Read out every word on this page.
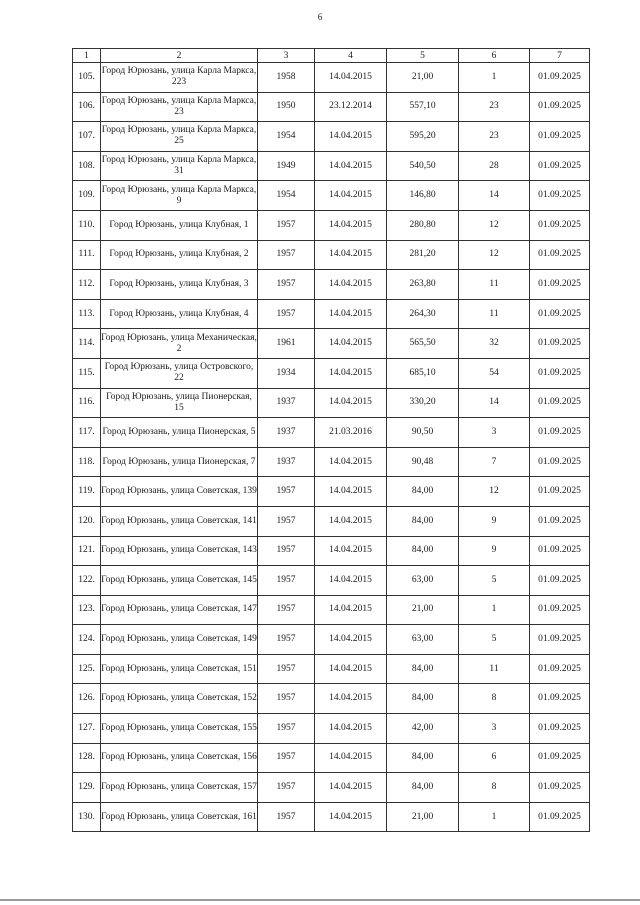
6
1	2	3	4	5	6	7
105.	Город Юрюзань, улица Карла Маркса, 223	1958	14.04.2015	21,00	1	01.09.2025
106.	Город Юрюзань, улица Карла Маркса, 23	1950	23.12.2014	557,10	23	01.09.2025
107.	Город Юрюзань, улица Карла Маркса, 25	1954	14.04.2015	595,20	23	01.09.2025
108.	Город Юрюзань, улица Карла Маркса, 31	1949	14.04.2015	540,50	28	01.09.2025
109.	Город Юрюзань, улица Карла Маркса, 9	1954	14.04.2015	146,80	14	01.09.2025
110.	Город Юрюзань, улица Клубная, 1	1957	14.04.2015	280,80	12	01.09.2025
111.	Город Юрюзань, улица Клубная, 2	1957	14.04.2015	281,20	12	01.09.2025
112.	Город Юрюзань, улица Клубная, 3	1957	14.04.2015	263,80	11	01.09.2025
113.	Город Юрюзань, улица Клубная, 4	1957	14.04.2015	264,30	11	01.09.2025
114.	Город Юрюзань, улица Механическая, 2	1961	14.04.2015	565,50	32	01.09.2025
115.	Город Юрюзань, улица Островского, 22	1934	14.04.2015	685,10	54	01.09.2025
116.	Город Юрюзань, улица Пионерская, 15	1937	14.04.2015	330,20	14	01.09.2025
117.	Город Юрюзань, улица Пионерская, 5	1937	21.03.2016	90,50	3	01.09.2025
118.	Город Юрюзань, улица Пионерская, 7	1937	14.04.2015	90,48	7	01.09.2025
119.	Город Юрюзань, улица Советская, 139	1957	14.04.2015	84,00	12	01.09.2025
120.	Город Юрюзань, улица Советская, 141	1957	14.04.2015	84,00	9	01.09.2025
121.	Город Юрюзань, улица Советская, 143	1957	14.04.2015	84,00	9	01.09.2025
122.	Город Юрюзань, улица Советская, 145	1957	14.04.2015	63,00	5	01.09.2025
123.	Город Юрюзань, улица Советская, 147	1957	14.04.2015	21,00	1	01.09.2025
124.	Город Юрюзань, улица Советская, 149	1957	14.04.2015	63,00	5	01.09.2025
125.	Город Юрюзань, улица Советская, 151	1957	14.04.2015	84,00	11	01.09.2025
126.	Город Юрюзань, улица Советская, 152	1957	14.04.2015	84,00	8	01.09.2025
127.	Город Юрюзань, улица Советская, 155	1957	14.04.2015	42,00	3	01.09.2025
128.	Город Юрюзань, улица Советская, 156	1957	14.04.2015	84,00	6	01.09.2025
129.	Город Юрюзань, улица Советская, 157	1957	14.04.2015	84,00	8	01.09.2025
130.	Город Юрюзань, улица Советская, 161	1957	14.04.2015	21,00	1	01.09.2025
